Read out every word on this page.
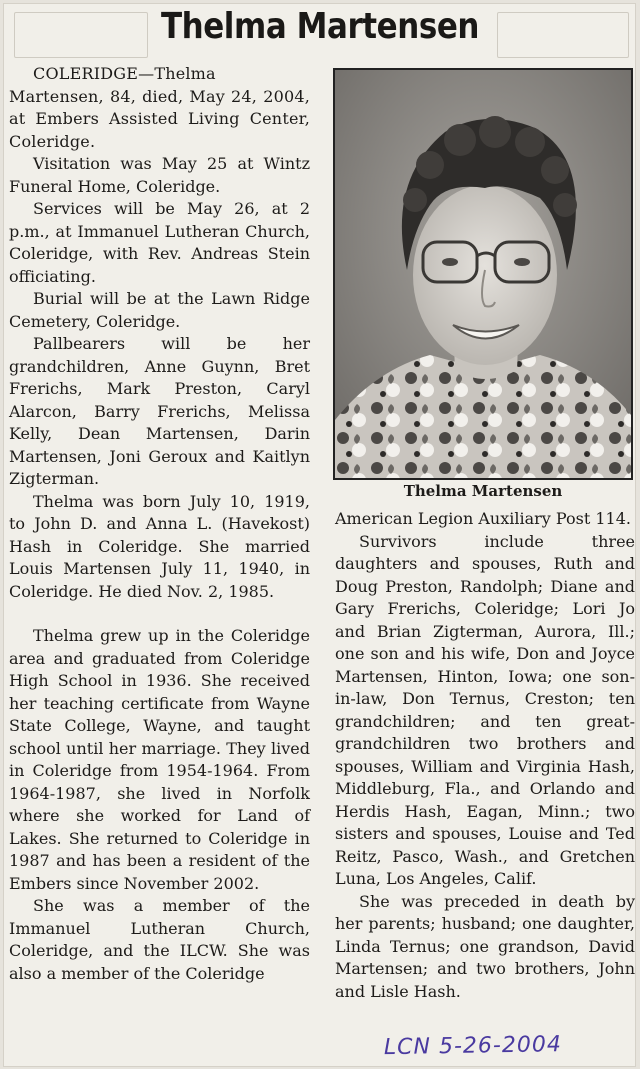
Thelma Martensen

COLERIDGE—Thelma Martensen, 84, died, May 24, 2004, at Embers Assisted Living Center, Coleridge.

Visitation was May 25 at Wintz Funeral Home, Coleridge.

Services will be May 26, at 2 p.m., at Immanuel Lutheran Church, Coleridge, with Rev. Andreas Stein officiating.

Burial will be at the Lawn Ridge Cemetery, Coleridge.

Pallbearers will be her grandchildren, Anne Guynn, Bret Frerichs, Mark Preston, Caryl Alarcon, Barry Frerichs, Melissa Kelly, Dean Martensen, Darin Martensen, Joni Geroux and Kaitlyn Zigterman.

Thelma was born July 10, 1919, to John D. and Anna L. (Havekost) Hash in Coleridge. She married Louis Martensen July 11, 1940, in Coleridge. He died Nov. 2, 1985.

Thelma grew up in the Coleridge area and graduated from Coleridge High School in 1936. She received her teaching certificate from Wayne State College, Wayne, and taught school until her marriage. They lived in Coleridge from 1954-1964. From 1964-1987, she lived in Norfolk where she worked for Land of Lakes. She returned to Coleridge in 1987 and has been a resident of the Embers since November 2002.

She was a member of the Immanuel Lutheran Church, Coleridge, and the ILCW. She was also a member of the Coleridge

Thelma Martensen

American Legion Auxiliary Post 114.

Survivors include three daughters and spouses, Ruth and Doug Preston, Randolph; Diane and Gary Frerichs, Coleridge; Lori Jo and Brian Zigterman, Aurora, Ill.; one son and his wife, Don and Joyce Martensen, Hinton, Iowa; one son-in-law, Don Ternus, Creston; ten grandchildren; and ten great-grandchildren two brothers and spouses, William and Virginia Hash, Middleburg, Fla., and Orlando and Herdis Hash, Eagan, Minn.; two sisters and spouses, Louise and Ted Reitz, Pasco, Wash., and Gretchen Luna, Los Angeles, Calif.

She was preceded in death by her parents; husband; one daughter, Linda Ternus; one grandson, David Martensen; and two brothers, John and Lisle Hash.

LCN 5-26-2004
